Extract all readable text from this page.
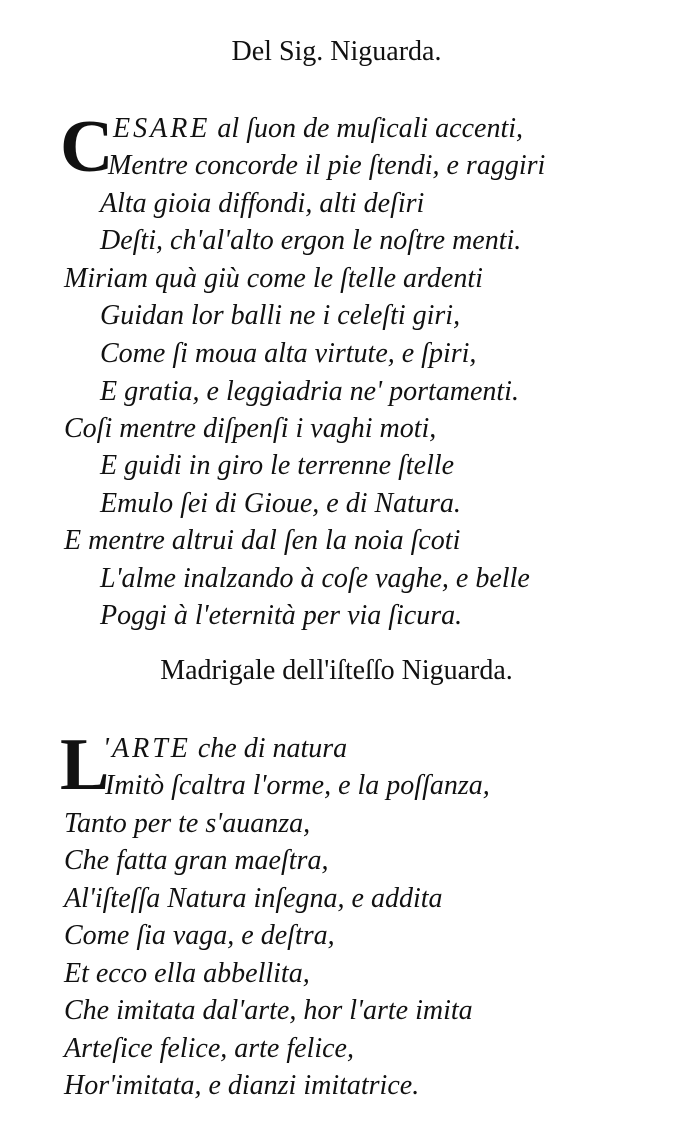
Del Sig. Niguarda.
C ESARE al ſuon de muſicali accenti,
Mentre concorde il pie ſtendi, e raggiri
Alta gioia diffondi, alti deſiri
Deſti, ch'al'alto ergon le noſtre menti.
Miriam quà giù come le ſtelle ardenti
Guidan lor balli ne i celeſti giri,
Come ſi moua alta virtute, e ſpiri,
E gratia, e leggiadria ne' portamenti.
Coſi mentre diſpenſi i vaghi moti,
E guidi in giro le terrenne ſtelle
Emulo ſei di Gioue, e di Natura.
E mentre altrui dal ſen la noia ſcoti
L'alme inalzando à coſe vaghe, e belle
Poggi à l'eternità per via ſicura.
Madrigale dell'iſteſſo Niguarda.
L
'ARTE che di natura
Imitò ſcaltra l'orme, e la poſſanza,
Tanto per te s'auanza,
Che fatta gran maeſtra,
Al'iſteſſa Natura inſegna, e addita
Come ſia vaga, e deſtra,
Et ecco ella abbellita,
Che imitata dal'arte, hor l'arte imita
Arteſice felice, arte felice,
Hor'imitata, e dianzi imitatrice.
